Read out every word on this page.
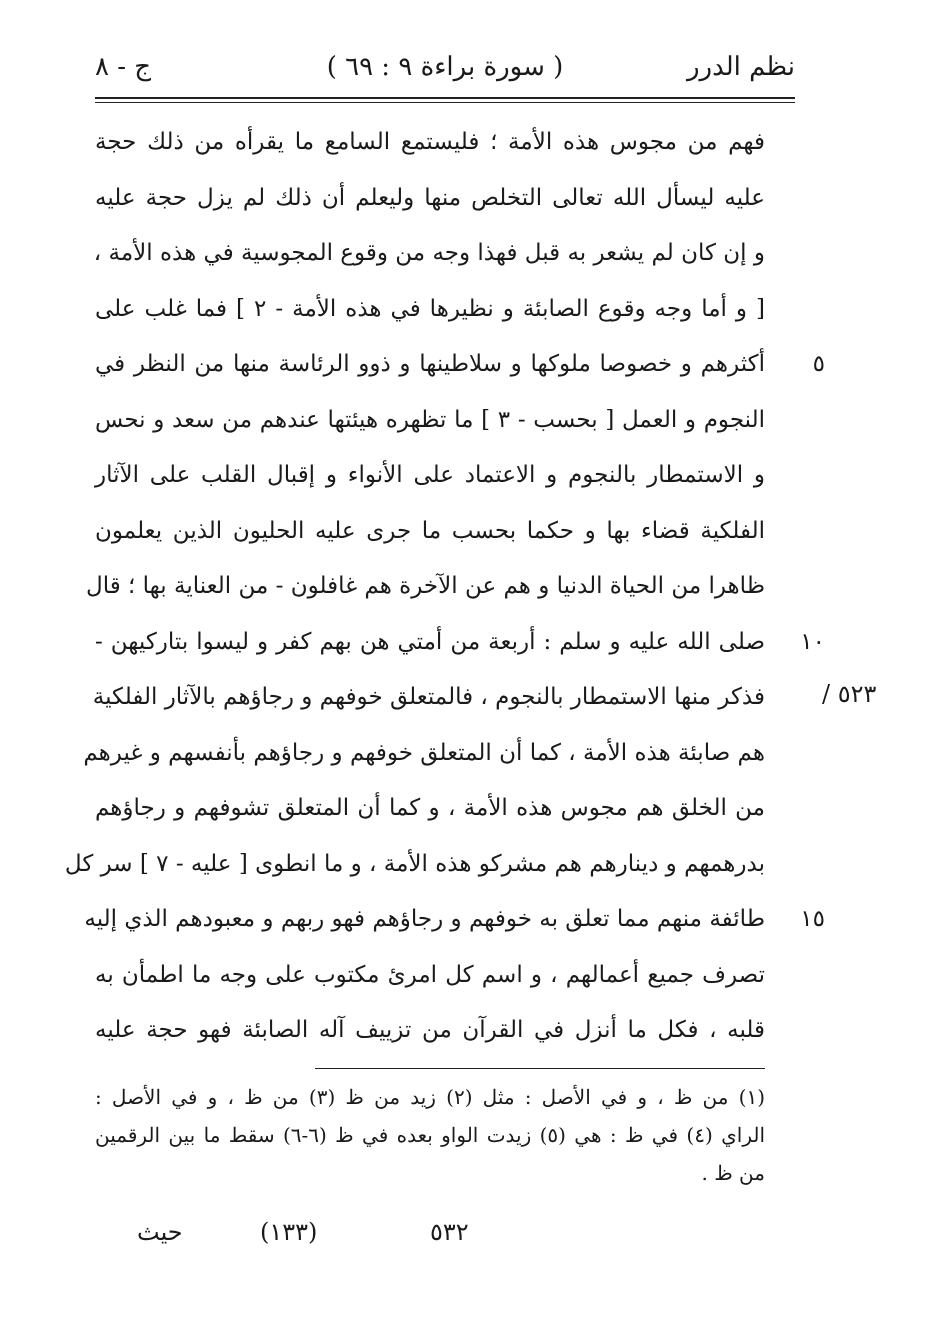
نظم الدرر
( سورة براءة ٩ : ٦٩ )
ج - ٨
فهم من مجوس هذه الأمة ؛ فليستمع السامع ما يقرأه من ذلك حجة
عليه ليسأل الله تعالى التخلص منها وليعلم أن ذلك لم يزل حجة عليه
و إن كان لم يشعر به قبل فهذا وجه من وقوع المجوسية في هذه الأمة ،
[ و أما وجه وقوع الصابئة و نظيرها في هذه الأمة - ٢ ] فما غلب على
أكثرهم و خصوصا ملوكها و سلاطينها و ذوو الرئاسة منها من النظر في	٥
النجوم و العمل [ بحسب - ٣ ] ما تظهره هيئتها عندهم من سعد و نحس
و الاستمطار بالنجوم و الاعتماد على الأنواء و إقبال القلب على الآثار
الفلكية قضاء بها و حكما بحسب ما جرى عليه الحليون الذين يعلمون
ظاهرا من الحياة الدنيا و هم عن الآخرة هم غافلون - من العناية بها ؛ قال
صلى الله عليه و سلم : أربعة من أمتي هن بهم كفر و ليسوا بتاركيهن -	١٠
فذكر منها الاستمطار بالنجوم ، فالمتعلق خوفهم و رجاؤهم بالآثار الفلكية
هم صابئة هذه الأمة ، كما أن المتعلق خوفهم و رجاؤهم بأنفسهم و غيرهم
من الخلق هم مجوس هذه الأمة ، و كما أن المتعلق تشوفهم و رجاؤهم
بدرهمهم و دينارهم هم مشركو هذه الأمة ، و ما انطوى [ عليه - ٧ ] سر كل
طائفة منهم مما تعلق به خوفهم و رجاؤهم فهو ربهم و معبودهم الذي إليه	١٥
تصرف جميع أعمالهم ، و اسم كل امرئ مكتوب على وجه ما اطمأن به
قلبه ، فكل ما أنزل في القرآن من تزييف آله الصابئة فهو حجة عليه
٥٢٣ /
(١) من ظ ، و في الأصل : مثل (٢) زيد من ظ (٣) من ظ ، و في الأصل :
الراي (٤) في ظ : هي (٥) زيدت الواو بعده في ظ (٦-٦) سقط ما بين الرقمين
من ظ .
٥٣٢
(١٣٣)
حيث
